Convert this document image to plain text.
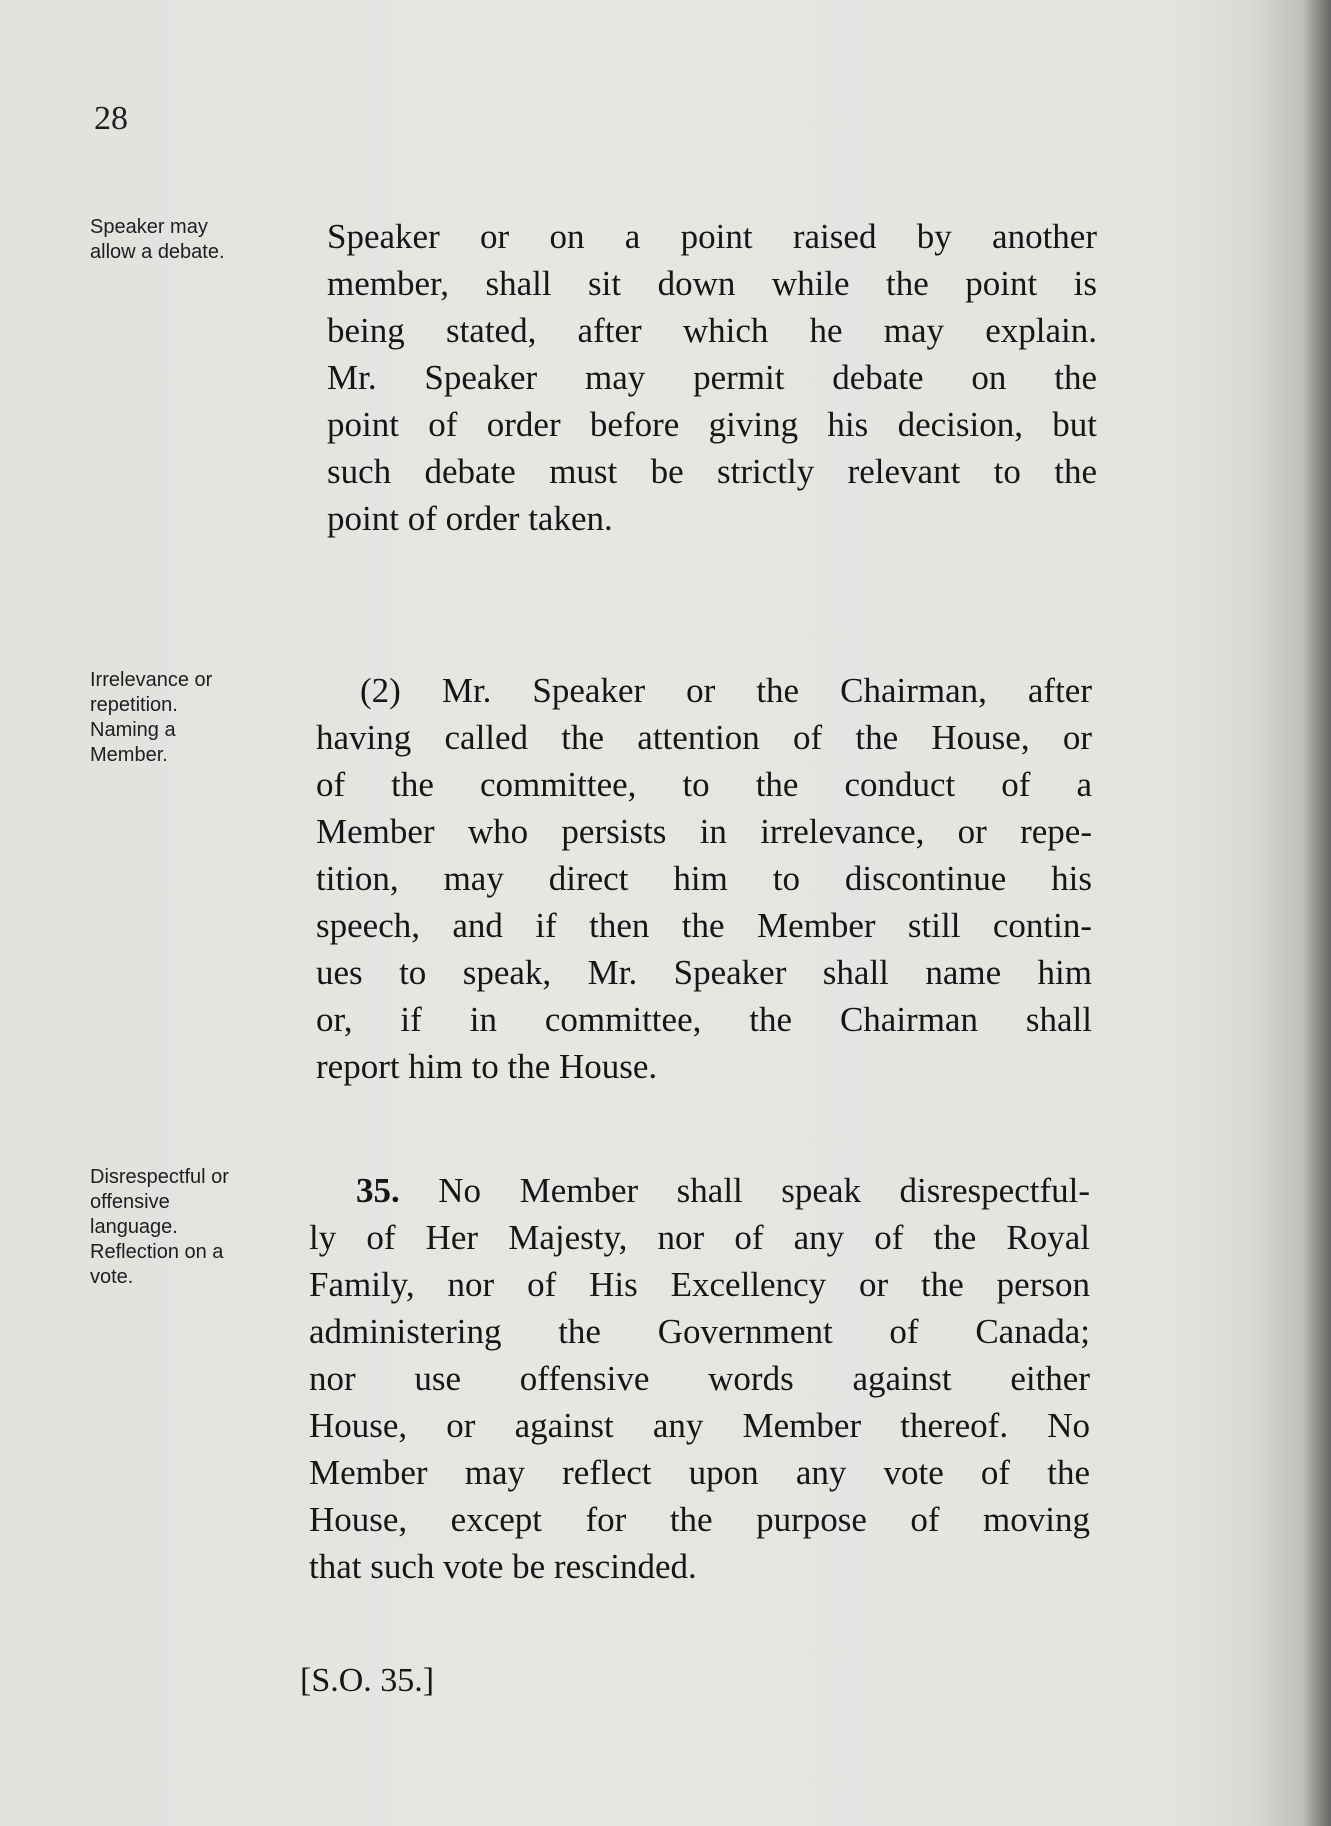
28
Speaker may
allow a debate.	Speaker or on a point raised by another
member, shall sit down while the point is
being stated, after which he may explain.
Mr. Speaker may permit debate on the
point of order before giving his decision, but
such debate must be strictly relevant to the
point of order taken.
Irrelevance or
repetition.
Naming a
Member.
(2) Mr. Speaker or the Chairman, after
having called the attention of the House, or
of the committee, to the conduct of a
Member who persists in irrelevance, or repe-
tition, may direct him to discontinue his
speech, and if then the Member still contin-
ues to speak, Mr. Speaker shall name him
or, if in committee, the Chairman shall
report him to the House.
Disrespectful or
offensive
language.
Reflection on a
vote.
35. No Member shall speak disrespectful-
ly of Her Majesty, nor of any of the Royal
Family, nor of His Excellency or the person
administering the Government of Canada;
nor use offensive words against either
House, or against any Member thereof. No
Member may reflect upon any vote of the
House, except for the purpose of moving
that such vote be rescinded.
[S.O. 35.]
